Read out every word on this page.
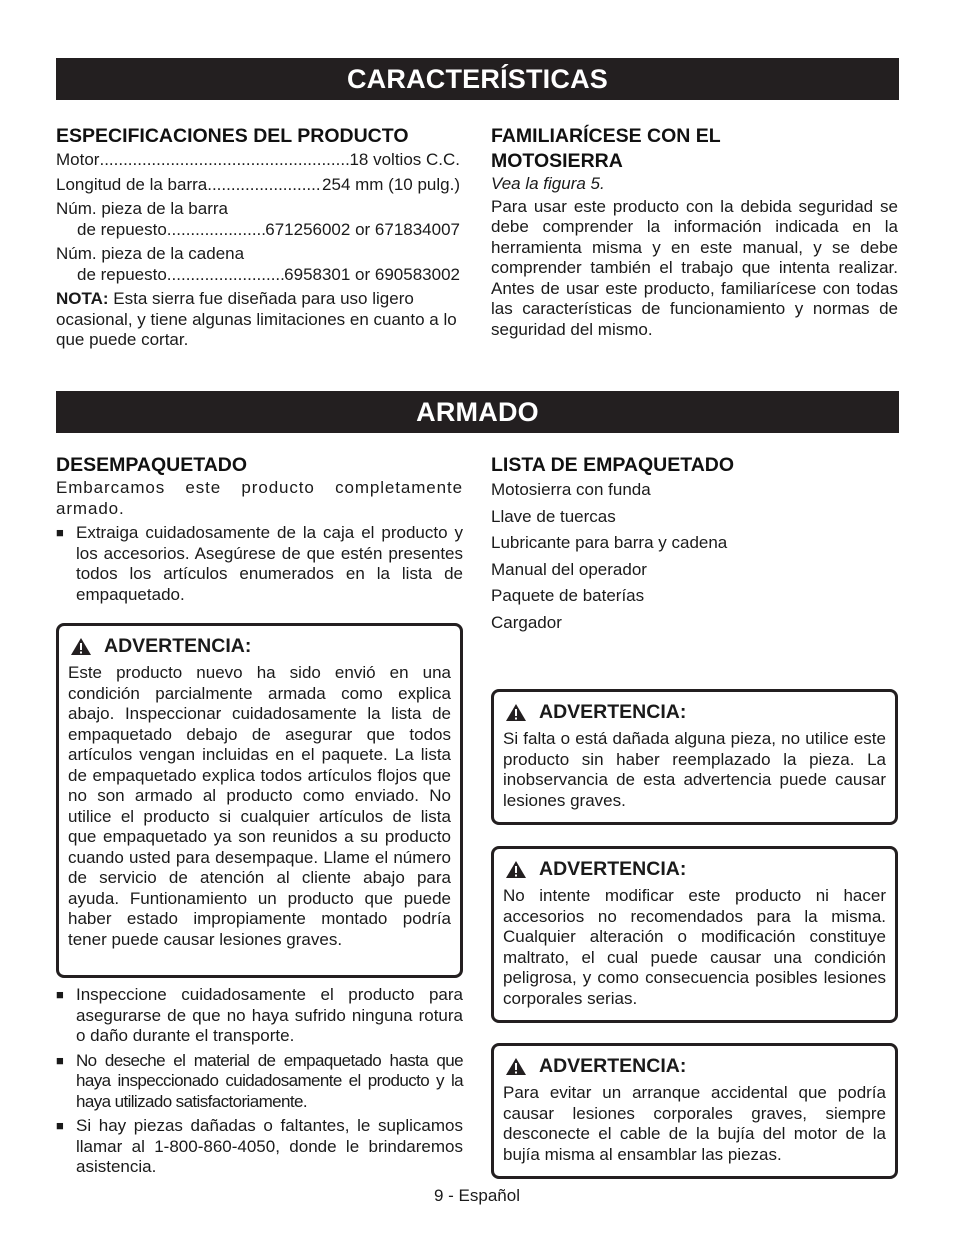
CARACTERÍSTICAS
ESPECIFICACIONES DEL PRODUCTO
Motor .....	18 voltios C.C.
Longitud de la barra .....	254 mm (10 pulg.)
Núm. pieza de la barra
de repuesto .....	671256002 or 671834007
Núm. pieza de la cadena
de repuesto .....	6958301 or 690583002
NOTA: Esta sierra fue diseñada para uso ligero ocasional, y tiene algunas limitaciones en cuanto a lo que puede cortar.
FAMILIARÍCESE CON EL MOTOSIERRA
Vea la figura 5.
Para usar este producto con la debida seguridad se debe comprender la información indicada en la herramienta misma y en este manual, y se debe comprender también el trabajo que intenta realizar. Antes de usar este producto, familiarícese con todas las características de funcionamiento y normas de seguridad del mismo.
ARMADO
DESEMPAQUETADO
Embarcamos este producto completamente armado.
■ Extraiga cuidadosamente de la caja el producto y los accesorios. Asegúrese de que estén presentes todos los artículos enumerados en la lista de empaquetado.
ADVERTENCIA:
Este producto nuevo ha sido envió en una condición parcialmente armada como explica abajo. Inspeccionar cuidadosamente la lista de empaquetado debajo de asegurar que todos artículos vengan incluidas en el paquete. La lista de empaquetado explica todos artículos flojos que no son armado al producto como enviado. No utilice el producto si cualquier artículos de lista que empaquetado ya son reunidos a su producto cuando usted para desempaque. Llame el número de servicio de atención al cliente abajo para ayuda. Funtionamiento un producto que puede haber estado impropiamente montado podría tener puede causar lesiones graves.
■ Inspeccione cuidadosamente el producto para asegurarse de que no haya sufrido ninguna rotura o daño durante el transporte.
■ No deseche el material de empaquetado hasta que haya inspeccionado cuidadosamente el producto y la haya utilizado satisfactoriamente.
■ Si hay piezas dañadas o faltantes, le suplicamos llamar al 1-800-860-4050, donde le brindaremos asistencia.
LISTA DE EMPAQUETADO
Motosierra con funda
Llave de tuercas
Lubricante para barra y cadena
Manual del operador
Paquete de baterías
Cargador
ADVERTENCIA:
Si falta o está dañada alguna pieza, no utilice este producto sin haber reemplazado la pieza. La inobservancia de esta advertencia puede causar lesiones graves.
ADVERTENCIA:
No intente modificar este producto ni hacer accesorios no recomendados para la misma. Cualquier alteración o modificación constituye maltrato, el cual puede causar una condición peligrosa, y como consecuencia posibles lesiones corporales serias.
ADVERTENCIA:
Para evitar un arranque accidental que podría causar lesiones corporales graves, siempre desconecte el cable de la bujía del motor de la bujía misma al ensamblar las piezas.
9 - Español
